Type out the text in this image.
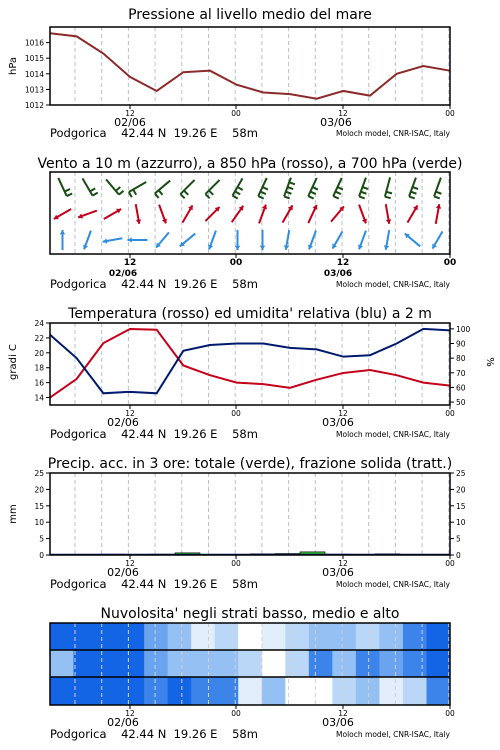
Pressione al livello medio del mare
hPa
1012
1013
1014
1015
1016
12	00	12	00
02/06	03/06
Podgorica    42.44 N  19.26 E    58m	Moloch model, CNR-ISAC, Italy
Vento a 10 m (azzurro), a 850 hPa (rosso), a 700 hPa (verde)
12	00	12	00
02/06	03/06
Podgorica    42.44 N  19.26 E    58m	Moloch model, CNR-ISAC, Italy
Temperatura (rosso) ed umidita' relativa (blu) a 2 m
gradi C	%
14
16
18
20
22
24
50
60
70
80
90
100
12	00	12	00
02/06	03/06
Podgorica    42.44 N  19.26 E    58m	Moloch model, CNR-ISAC, Italy
Precip. acc. in 3 ore: totale (verde), frazione solida (tratt.)
mm
0
5
10
15
20
25
0
5
10
15
20
25
12	00	12	00
02/06	03/06
Podgorica    42.44 N  19.26 E    58m	Moloch model, CNR-ISAC, Italy
Nuvolosita' negli strati basso, medio e alto
12	00	12	00
02/06	03/06
Podgorica    42.44 N  19.26 E    58m	Moloch model, CNR-ISAC, Italy
